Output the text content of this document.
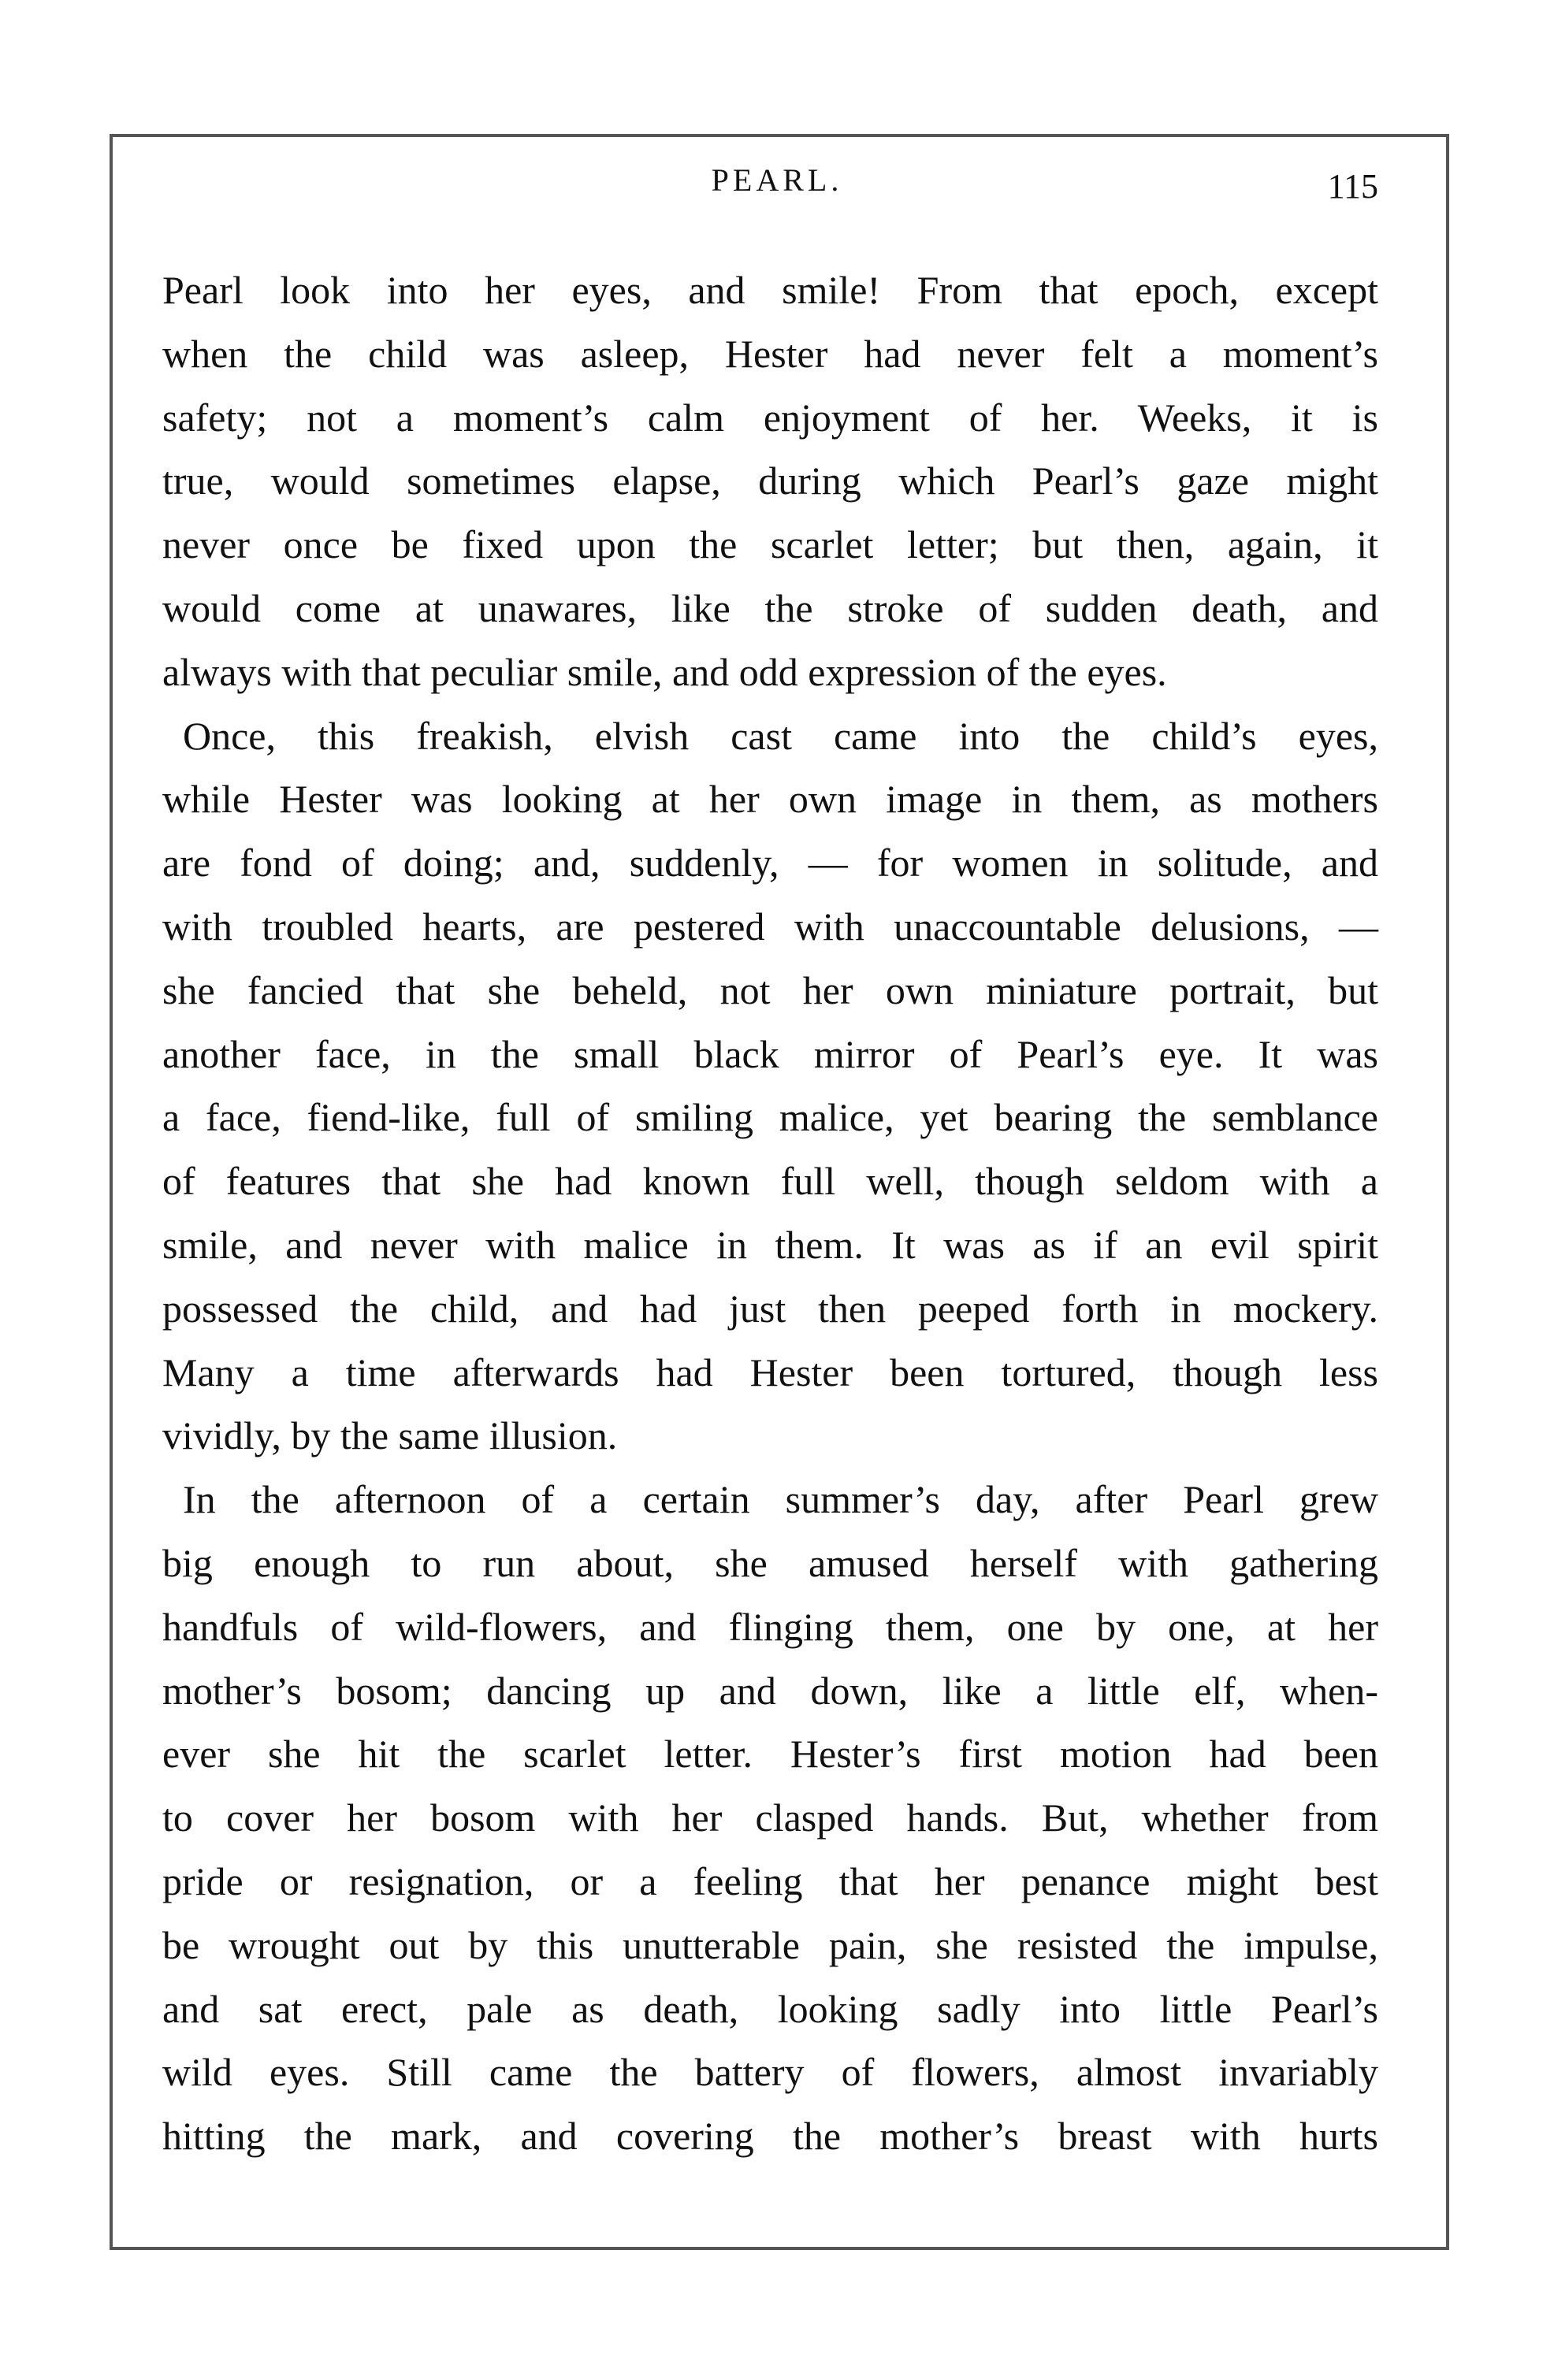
PEARL.	115
Pearl look into her eyes, and smile! From that epoch, except
when the child was asleep, Hester had never felt a moment’s
safety; not a moment’s calm enjoyment of her. Weeks, it is
true, would sometimes elapse, during which Pearl’s gaze might
never once be fixed upon the scarlet letter; but then, again, it
would come at unawares, like the stroke of sudden death, and
always with that peculiar smile, and odd expression of the eyes.
Once, this freakish, elvish cast came into the child’s eyes,
while Hester was looking at her own image in them, as mothers
are fond of doing; and, suddenly, — for women in solitude, and
with troubled hearts, are pestered with unaccountable delusions, —
she fancied that she beheld, not her own miniature portrait, but
another face, in the small black mirror of Pearl’s eye. It was
a face, fiend-like, full of smiling malice, yet bearing the semblance
of features that she had known full well, though seldom with a
smile, and never with malice in them. It was as if an evil spirit
possessed the child, and had just then peeped forth in mockery.
Many a time afterwards had Hester been tortured, though less
vividly, by the same illusion.
In the afternoon of a certain summer’s day, after Pearl grew
big enough to run about, she amused herself with gathering
handfuls of wild-flowers, and flinging them, one by one, at her
mother’s bosom; dancing up and down, like a little elf, when-
ever she hit the scarlet letter. Hester’s first motion had been
to cover her bosom with her clasped hands. But, whether from
pride or resignation, or a feeling that her penance might best
be wrought out by this unutterable pain, she resisted the impulse,
and sat erect, pale as death, looking sadly into little Pearl’s
wild eyes. Still came the battery of flowers, almost invariably
hitting the mark, and covering the mother’s breast with hurts
